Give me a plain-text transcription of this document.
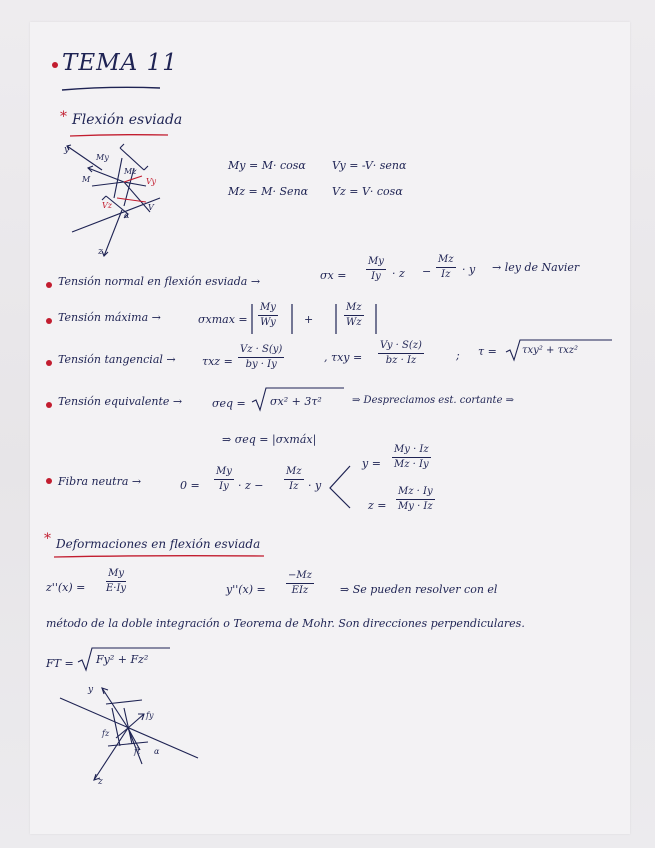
TEMA 11
* Flexión esviada
y
z
My
M
Mz
Vy
Vz	V
α
My = M· cosα Vy = -V· senα
Mz = M· Senα Vz = V· cosα
Tensión normal en flexión esviada →	$\sigma x = \frac{My}{Iy} \cdot z - \frac{Mz}{Iz} \cdot y$ → ley de Navier
Tensión máxima →	$\sigma xmax = \frac{My}{Wy}$ +	$\frac{Mz}{Wz}$
Tensión tangencial → $\tau xz = \frac{Vz \cdot S(y)}{by \cdot Iy}$	, $\tau xy = \frac{Vy \cdot S(z)}{bz \cdot Iz}$	; τ =	τxy² + τxz²
Tensión equivalente →	σeq = σx² + 3τ²	⇒ Despreciamos est. cortante ⇒
⇒ σeq = |σxmáx|
Fibra neutra →	$0 = \frac{My}{Iy} \cdot z - \frac{Mz}{Iz} \cdot y$
$y = \frac{My \cdot Iz}{Mz \cdot Iy}$
$z = \frac{Mz \cdot Iy}{My \cdot Iz}$
* Deformaciones en flexión esviada
$z''(x) = \frac{My}{E\cdot Iy}$	y''(x) =
−Mz
EIz	⇒ Se pueden resolver con el
método de la doble integración o Teorema de Mohr. Son direcciones perpendiculares.
FT = Fy² + Fz²
y
z
fy
fz
ft α
